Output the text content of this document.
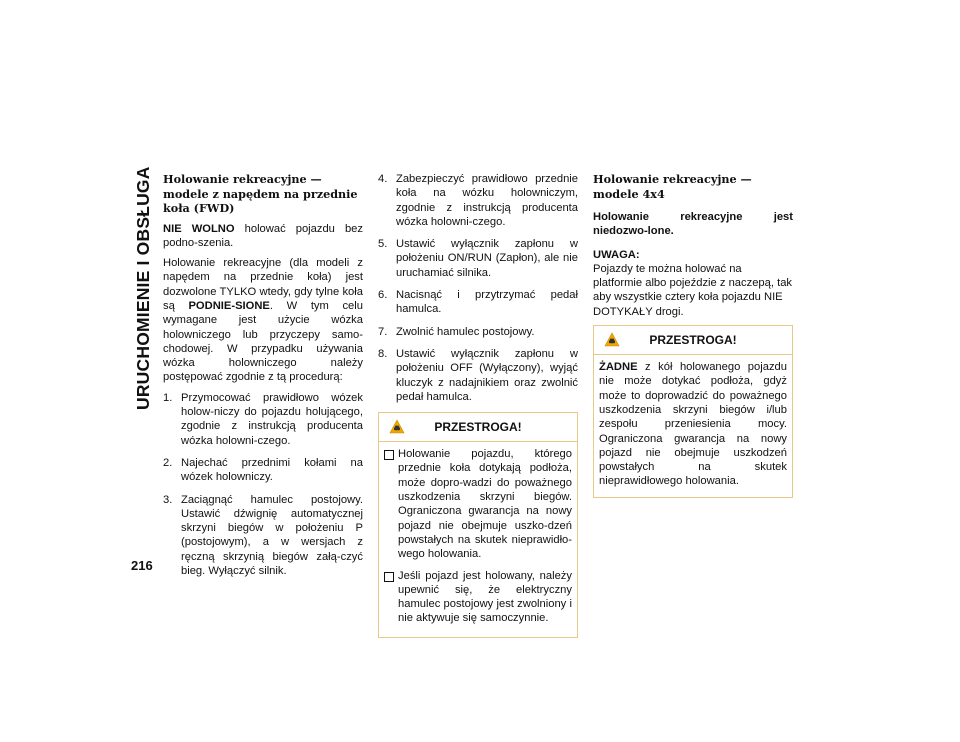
URUCHOMIENIE I OBSŁUGA
216
Holowanie rekreacyjne — modele z napędem na przednie koła (FWD)

NIE WOLNO holować pojazdu bez podno-szenia.

Holowanie rekreacyjne (dla modeli z napędem na przednie koła) jest dozwolone TYLKO wtedy, gdy tylne koła są PODNIE-SIONE. W tym celu wymagane jest użycie wózka holowniczego lub przyczepy samo-chodowej. W przypadku używania wózka holowniczego należy postępować zgodnie z tą procedurą:

1. Przymocować prawidłowo wózek holow-niczy do pojazdu holującego, zgodnie z instrukcją producenta wózka holowni-czego.
2. Najechać przednimi kołami na wózek holowniczy.
3. Zaciągnąć hamulec postojowy. Ustawić dźwignię automatycznej skrzyni biegów w położeniu P (postojowym), a w wersjach z ręczną skrzynią biegów załą-czyć bieg. Wyłączyć silnik.
4. Zabezpieczyć prawidłowo przednie koła na wózku holowniczym, zgodnie z instrukcją producenta wózka holowni-czego.
5. Ustawić wyłącznik zapłonu w położeniu ON/RUN (Zapłon), ale nie uruchamiać silnika.
6. Nacisnąć i przytrzymać pedał hamulca.
7. Zwolnić hamulec postojowy.
8. Ustawić wyłącznik zapłonu w położeniu OFF (Wyłączony), wyjąć kluczyk z nadajnikiem oraz zwolnić pedał hamulca.
PRZESTROGA!
Holowanie pojazdu, którego przednie koła dotykają podłoża, może dopro-wadzi do poważnego uszkodzenia skrzyni biegów. Ograniczona gwarancja na nowy pojazd nie obejmuje uszko-dzeń powstałych na skutek nieprawidło-wego holowania.
Jeśli pojazd jest holowany, należy upewnić się, że elektryczny hamulec postojowy jest zwolniony i nie aktywuje się samoczynnie.
Holowanie rekreacyjne — modele 4x4

Holowanie rekreacyjne jest niedozwo-lone.

UWAGA:

Pojazdy te można holować na platformie albo pojeździe z naczepą, tak aby wszystkie cztery koła pojazdu NIE DOTYKAŁY drogi.

PRZESTROGA!

ŻADNE z kół holowanego pojazdu nie może dotykać podłoża, gdyż może to doprowadzić do poważnego uszkodzenia skrzyni biegów i/lub zespołu przeniesienia mocy. Ograniczona gwarancja na nowy pojazd nie obejmuje uszkodzeń powstałych na skutek nieprawidłowego holowania.
